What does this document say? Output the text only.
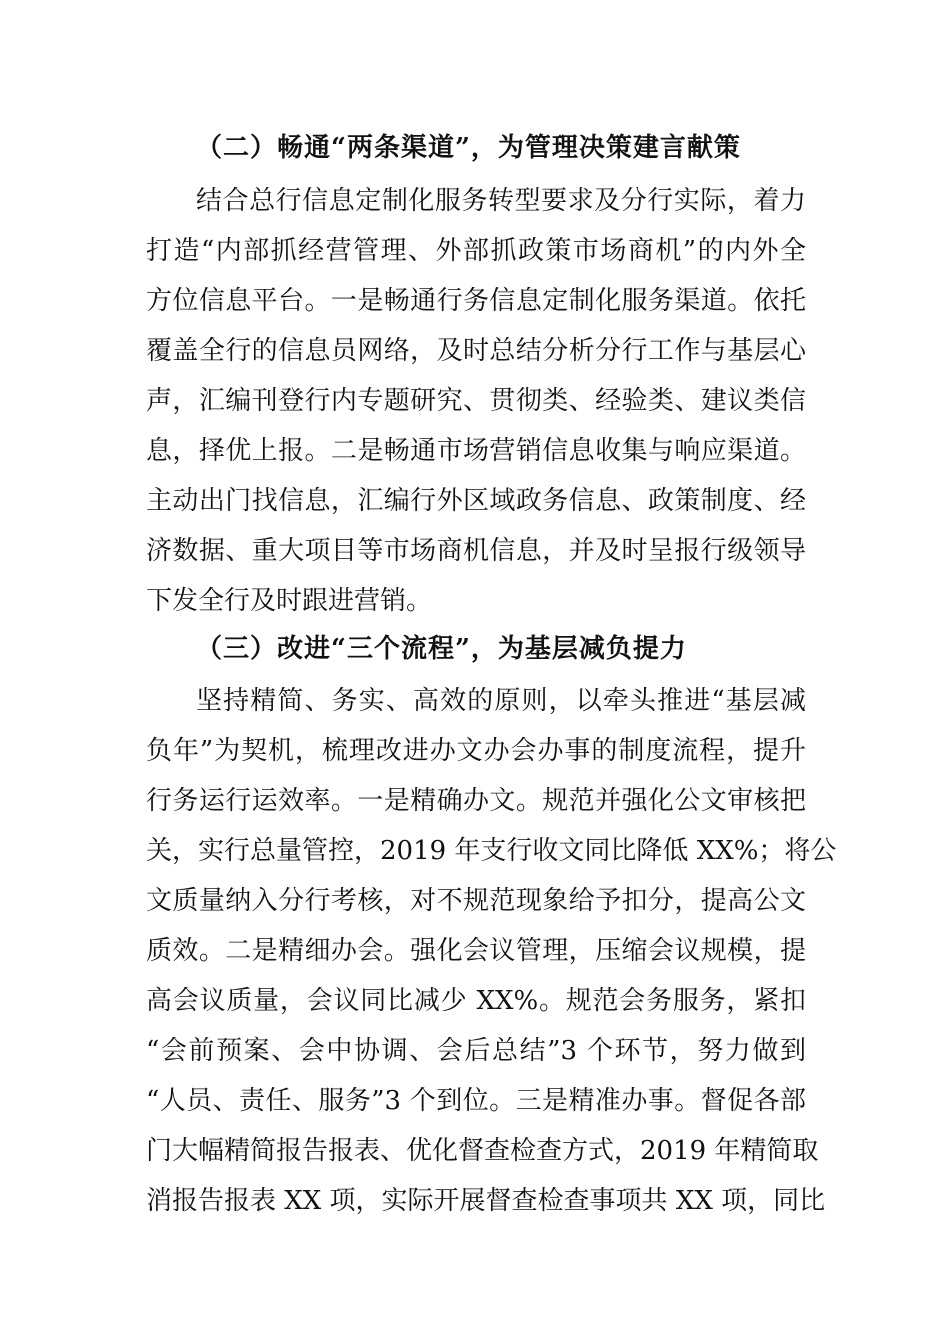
（二）畅通“两条渠道”，为管理决策建言献策
结合总行信息定制化服务转型要求及分行实际，着力
打造“内部抓经营管理、外部抓政策市场商机”的内外全
方位信息平台。一是畅通行务信息定制化服务渠道。依托
覆盖全行的信息员网络，及时总结分析分行工作与基层心
声，汇编刊登行内专题研究、贯彻类、经验类、建议类信
息，择优上报。二是畅通市场营销信息收集与响应渠道。
主动出门找信息，汇编行外区域政务信息、政策制度、经
济数据、重大项目等市场商机信息，并及时呈报行级领导
下发全行及时跟进营销。
（三）改进“三个流程”，为基层减负提力
坚持精简、务实、高效的原则，以牵头推进“基层减
负年”为契机，梳理改进办文办会办事的制度流程，提升
行务运行运效率。一是精确办文。规范并强化公文审核把
关，实行总量管控，2019 年支行收文同比降低 XX%；将公
文质量纳入分行考核，对不规范现象给予扣分，提高公文
质效。二是精细办会。强化会议管理，压缩会议规模，提
高会议质量，会议同比减少 XX%。规范会务服务，紧扣
“会前预案、会中协调、会后总结”3 个环节，努力做到
“人员、责任、服务”3 个到位。三是精准办事。督促各部
门大幅精简报告报表、优化督查检查方式，2019 年精简取
消报告报表 XX 项，实际开展督查检查事项共 XX 项，同比
